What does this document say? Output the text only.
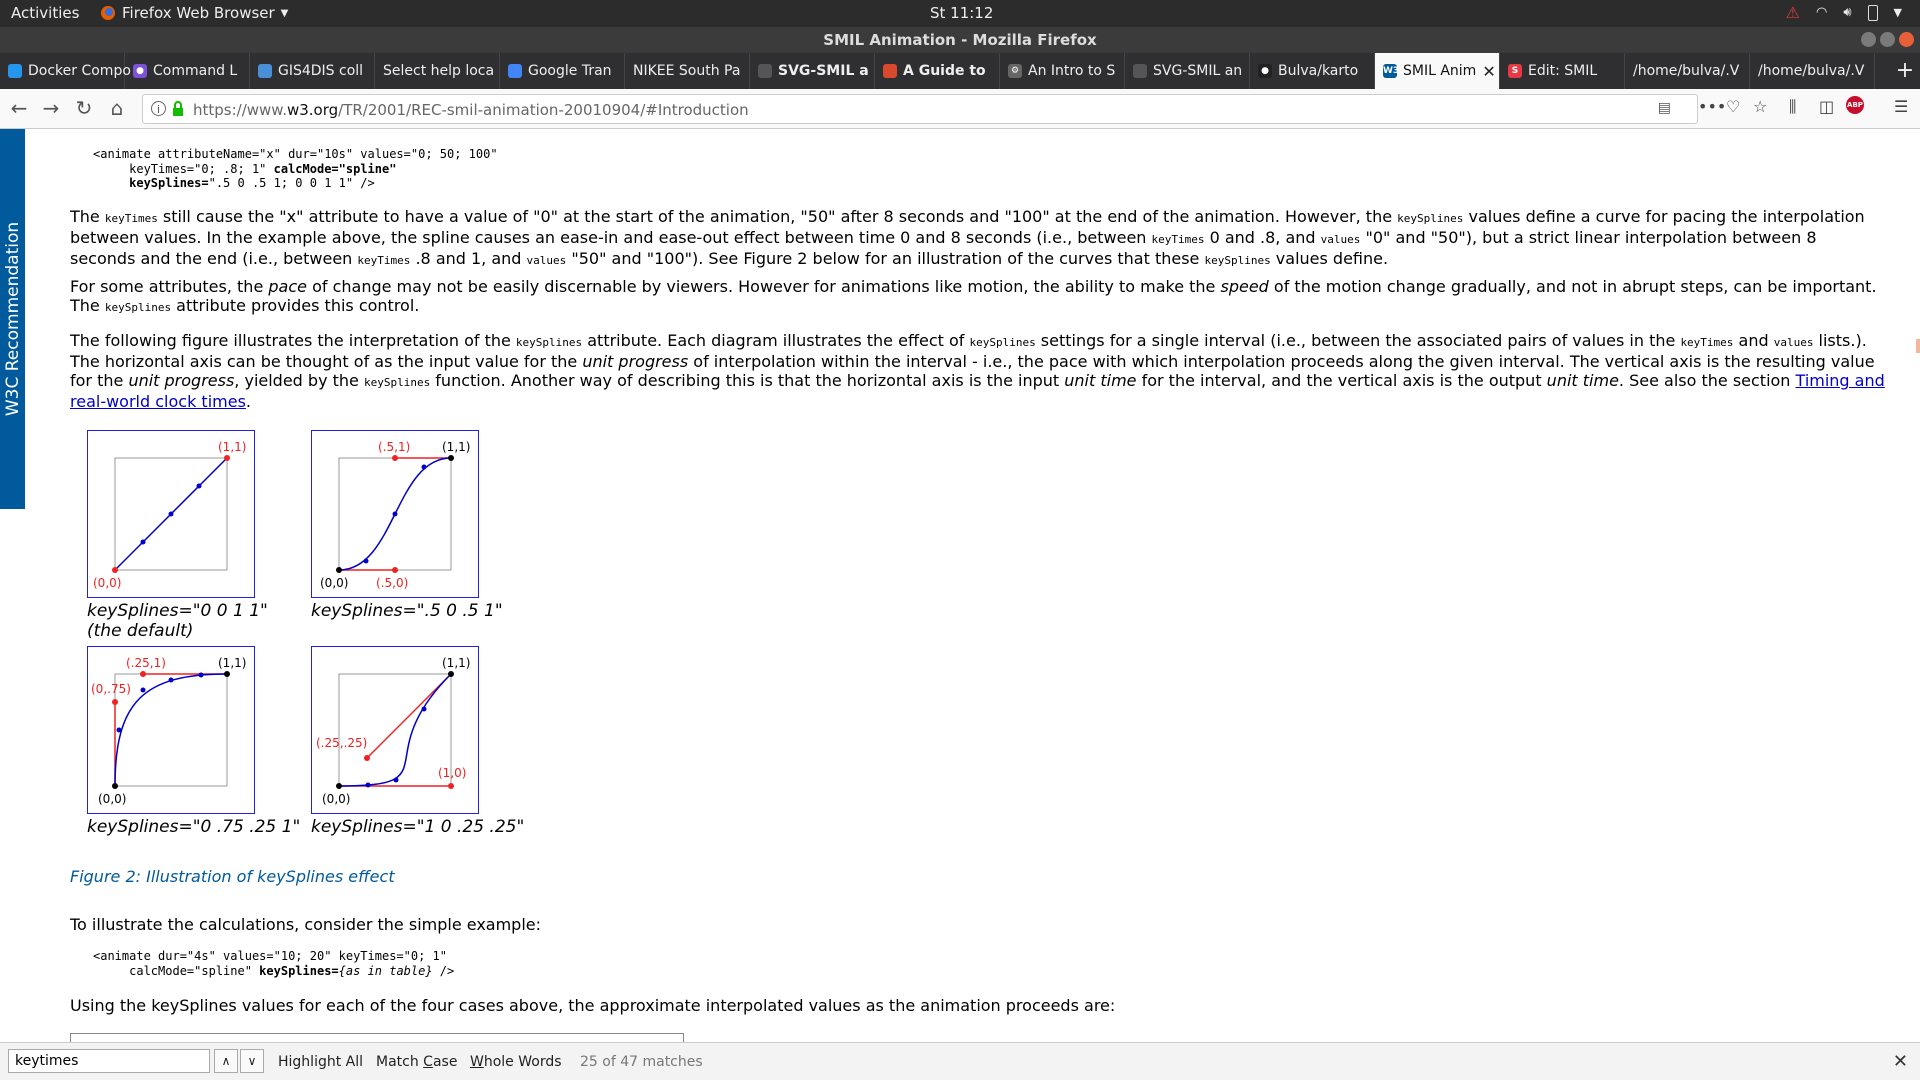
Activities	Firefox Web Browser ▼	St 11:12	⚠ ◠ 🔊︎	▼
SMIL Animation - Mozilla Firefox
Docker Compo ● Command L	GIS4DIS coll Select help loca Google Tran NIKEE South Pa	SVG-SMIL a A Guide to	⚙ An Intro to S	SVG-SMIL an	● Bulva/karto	W3 SMIL Anim ✕	S Edit: SMIL	/home/bulva/.V /home/bulva/.V +
← → ↻ ⌂	i	https://www.w3.org/TR/2001/REC-smil-animation-20010904/#Introduction	▤ ••• ♡ ☆ ⫼ ◫ ABP ☰
W3C Recommendation
<animate attributeName="x" dur="10s" values="0; 50; 100"
keyTimes="0; .8; 1" calcMode="spline"
keySplines=".5 0 .5 1; 0 0 1 1" />

The keyTimes still cause the "x" attribute to have a value of "0" at the start of the animation, "50" after 8 seconds and "100" at the end of the animation. However, the keySplines values define a curve for pacing the interpolation between values. In the example above, the spline causes an ease-in and ease-out effect between time 0 and 8 seconds (i.e., between keyTimes 0 and .8, and values "0" and "50"), but a strict linear interpolation between 8 seconds and the end (i.e., between keyTimes .8 and 1, and values "50" and "100"). See Figure 2 below for an illustration of the curves that these keySplines values define.

For some attributes, the pace of change may not be easily discernable by viewers. However for animations like motion, the ability to make the speed of the motion change gradually, and not in abrupt steps, can be important. The keySplines attribute provides this control.

The following figure illustrates the interpretation of the keySplines attribute. Each diagram illustrates the effect of keySplines settings for a single interval (i.e., between the associated pairs of values in the keyTimes and values lists.). The horizontal axis can be thought of as the input value for the unit progress of interpolation within the interval - i.e., the pace with which interpolation proceeds along the given interval. The vertical axis is the resulting value for the unit progress, yielded by the keySplines function. Another way of describing this is that the horizontal axis is the input unit time for the interval, and the vertical axis is the output unit time. See also the section Timing and real-world clock times.

(0,0)
(1,1)
keySplines="0 0 1 1"
(the default)
(0,0) (.5,0)
(.5,1)	(1,1)
keySplines=".5 0 .5 1"
(0,0)
(0,.75)
(.25,1)	(1,1)
keySplines="0 .75 .25 1"
(0,0)
(1,0)
(.25,.25)
(1,1)
keySplines="1 0 .25 .25"
Figure 2: Illustration of keySplines effect

To illustrate the calculations, consider the simple example:

<animate dur="4s" values="10; 20" keyTimes="0; 1"
calcMode="spline" keySplines={as in table} />

Using the keySplines values for each of the four cases above, the approximate interpolated values as the animation proceeds are:

keytimes
∧	∨	Highlight All Match Case Whole Words 25 of 47 matches	✕
